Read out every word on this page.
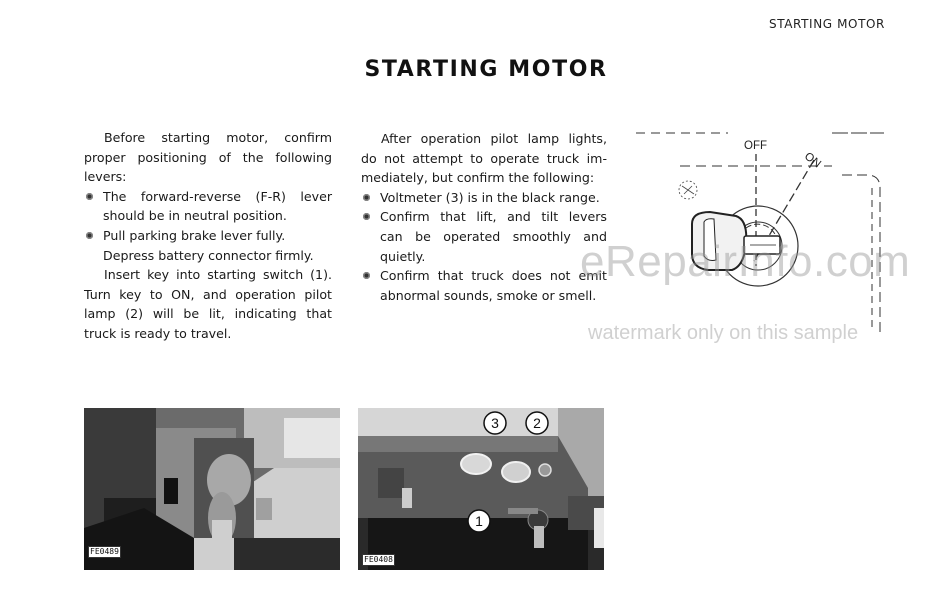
STARTING MOTOR
STARTING MOTOR

Before starting motor, confirm

proper positioning of the following

levers:

The forward-reverse (F-R) lever

should be in neutral position.

Pull parking brake lever fully.

Depress battery connector firmly.

Insert key into starting switch (1).

Turn key to ON, and operation pilot

lamp (2) will be lit, indicating that

truck is ready to travel.

After operation pilot lamp lights,

do not attempt to operate truck im-

mediately, but confirm the following:

Voltmeter (3) is in the black range.

Confirm that lift, and tilt levers

can be operated smoothly and

quietly.

Confirm that truck does not emit

abnormal sounds, smoke or smell.

OFF
ON
FE0489
3 2
1
FE0408
eRepairInfo.com
watermark only on this sample
